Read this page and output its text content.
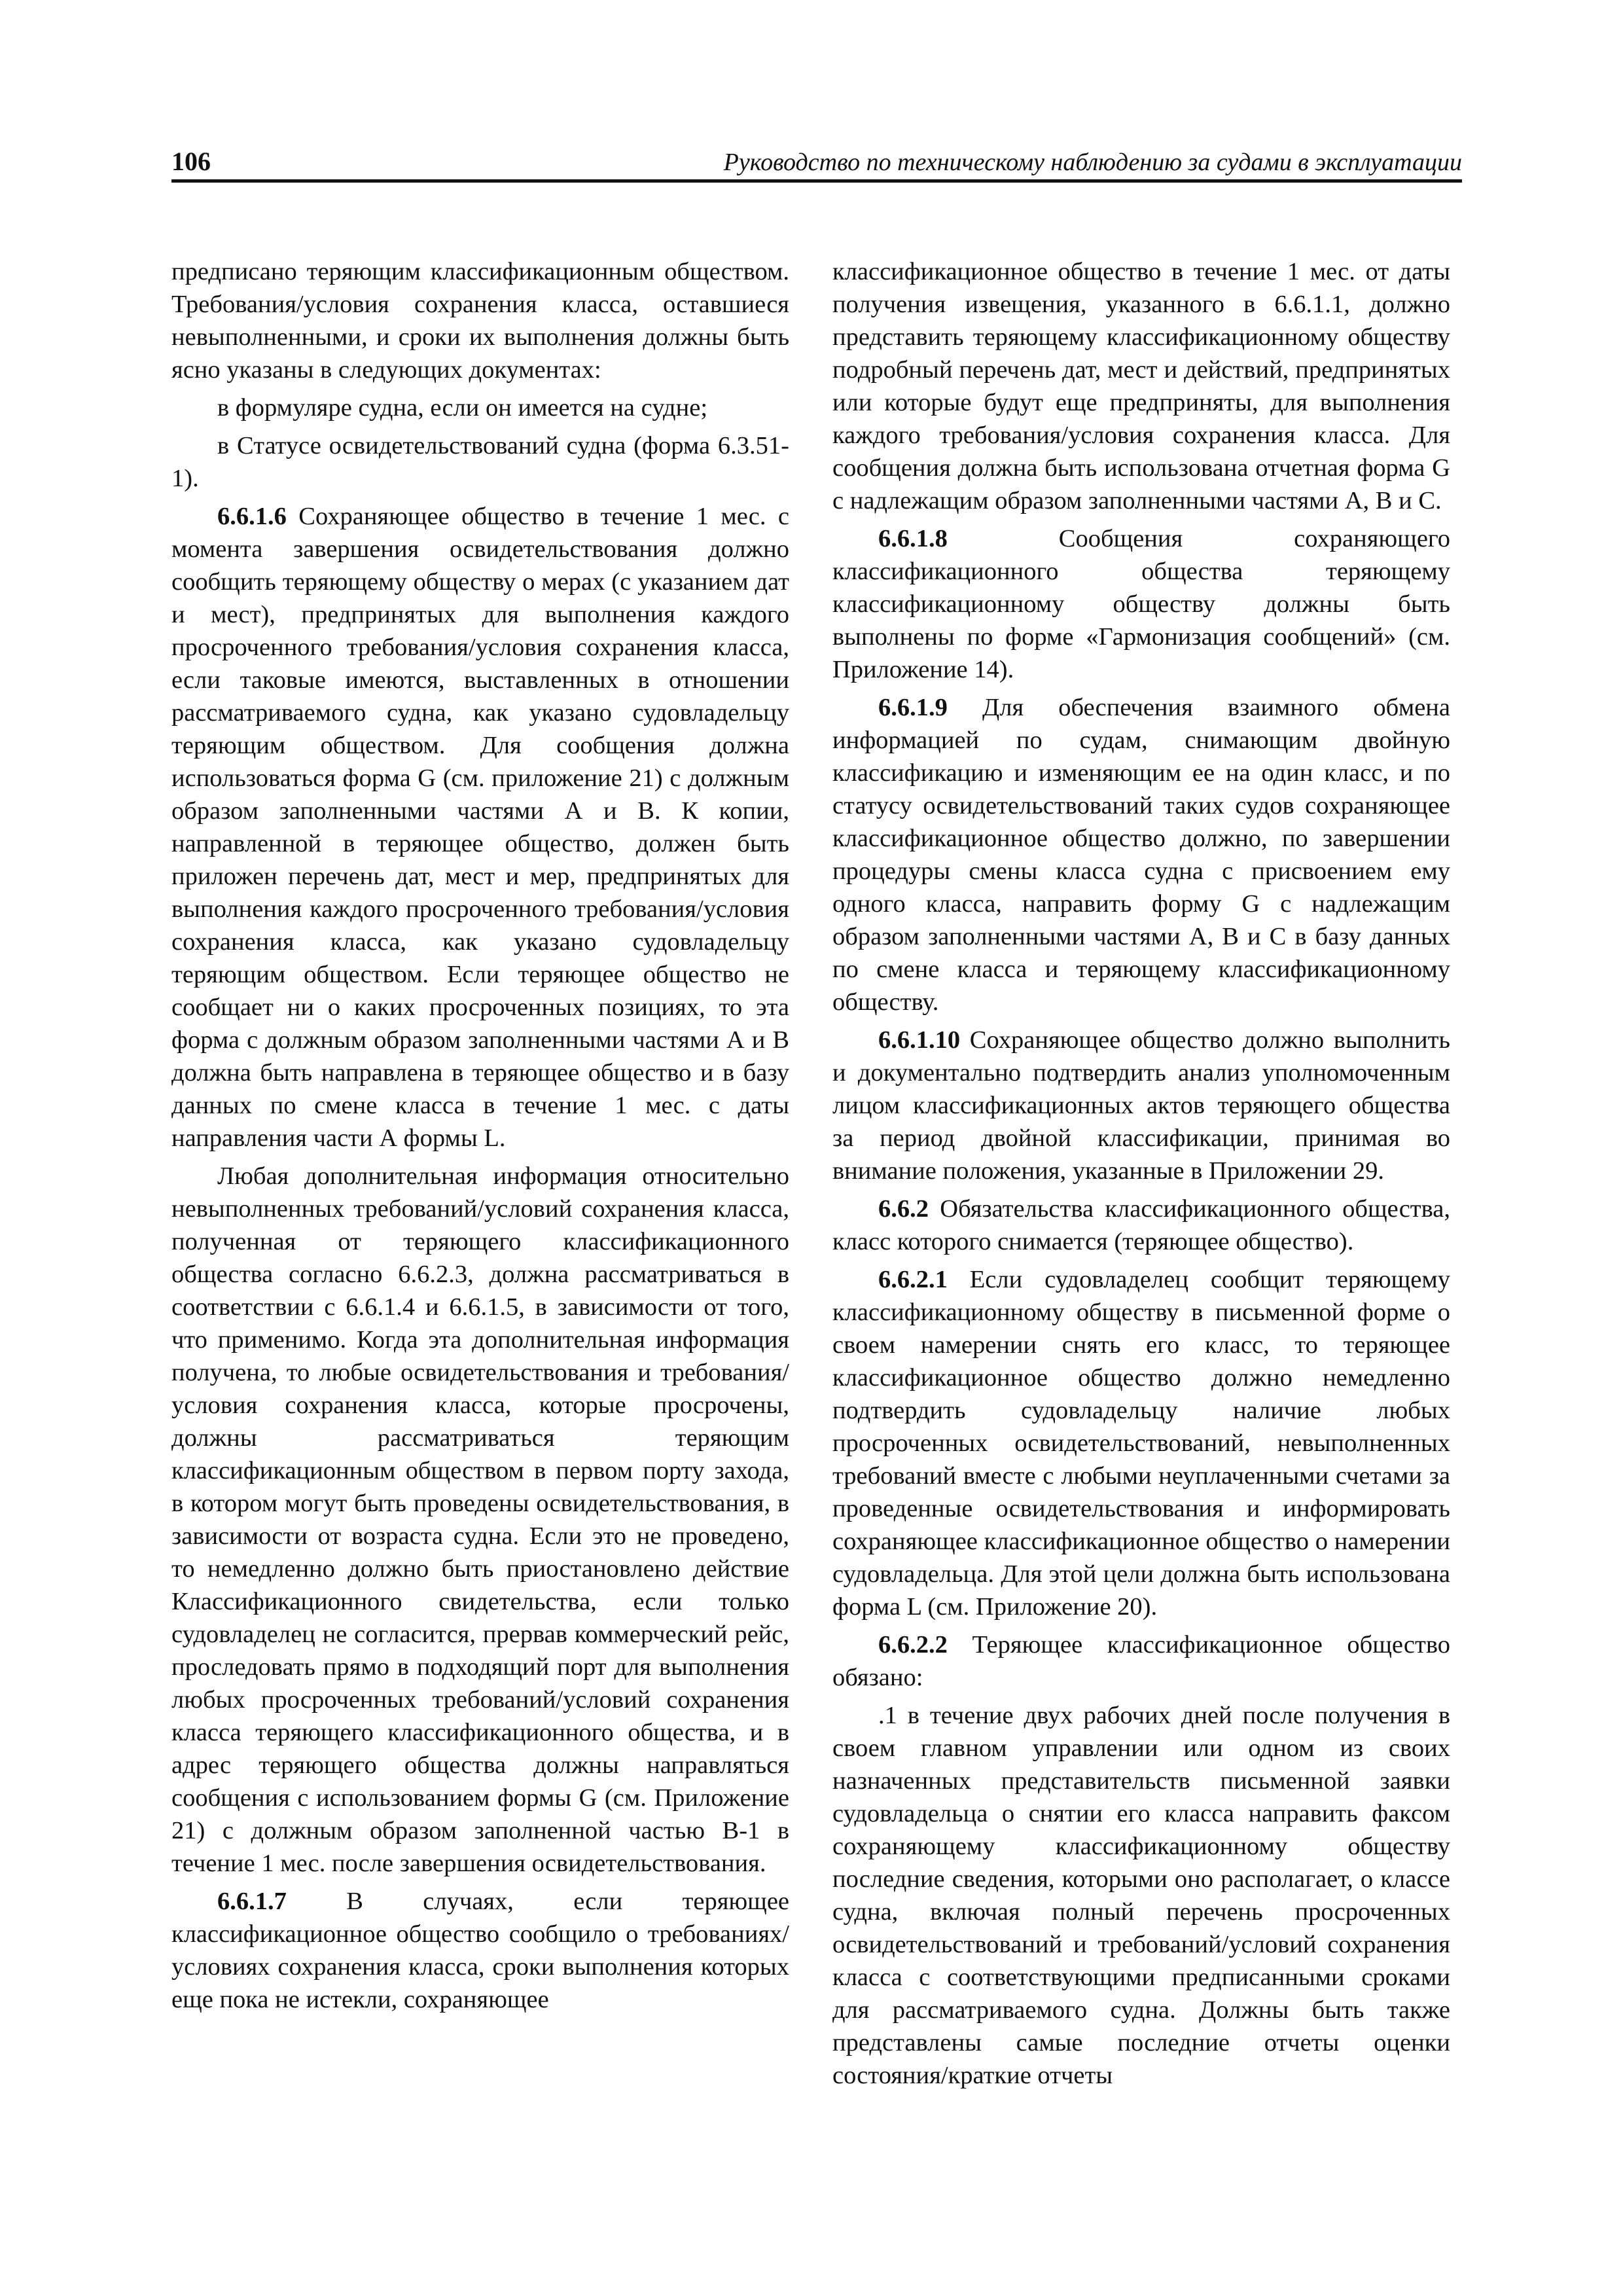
106	Руководство по техническому наблюдению за судами в эксплуатации

предписано теряющим классификационным обществом. Требования/условия сохранения класса, оставшиеся невыполненными, и сроки их выполнения должны быть ясно указаны в следующих документах:

в формуляре судна, если он имеется на судне;

в Статусе освидетельствований судна (форма 6.3.51-1).

6.6.1.6 Сохраняющее общество в течение 1 мес. с момента завершения освидетельствования должно сообщить теряющему обществу о мерах (с указанием дат и мест), предпринятых для выполнения каждого просроченного требования/условия сохранения класса, если таковые имеются, выставленных в отношении рассматриваемого судна, как указано судовладельцу теряющим обществом. Для сообщения должна использоваться форма G (см. приложение 21) с должным образом заполненными частями А и В. К копии, направленной в теряющее общество, должен быть приложен перечень дат, мест и мер, предпринятых для выполнения каждого просроченного требования/условия сохранения класса, как указано судовладельцу теряющим обществом. Если теряющее общество не сообщает ни о каких просроченных позициях, то эта форма с должным образом заполненными частями А и В должна быть направлена в теряющее общество и в базу данных по смене класса в течение 1 мес. с даты направления части А формы L.

Любая дополнительная информация относительно невыполненных требований/условий сохранения класса, полученная от теряющего классификационного общества согласно 6.6.2.3, должна рассматриваться в соответствии с 6.6.1.4 и 6.6.1.5, в зависимости от того, что применимо. Когда эта дополнительная информация получена, то любые освидетельствования и требования/условия сохранения класса, которые просрочены, должны рассматриваться теряющим классификационным обществом в первом порту захода, в котором могут быть проведены освидетельствования, в зависимости от возраста судна. Если это не проведено, то немедленно должно быть приостановлено действие Классификационного свидетельства, если только судовладелец не согласится, прервав коммерческий рейс, проследовать прямо в подходящий порт для выполнения любых просроченных требований/условий сохранения класса теряющего классификационного общества, и в адрес теряющего общества должны направляться сообщения с использованием формы G (см. Приложение 21) с должным образом заполненной частью В-1 в течение 1 мес. после завершения освидетельствования.

6.6.1.7 В случаях, если теряющее классификационное общество сообщило о требованиях/условиях сохранения класса, сроки выполнения которых еще пока не истекли, сохраняющее

классификационное общество в течение 1 мес. от даты получения извещения, указанного в 6.6.1.1, должно представить теряющему классификационному обществу подробный перечень дат, мест и действий, предпринятых или которые будут еще предприняты, для выполнения каждого требования/условия сохранения класса. Для сообщения должна быть использована отчетная форма G с надлежащим образом заполненными частями А, В и С.

6.6.1.8 Сообщения сохраняющего классификационного общества теряющему классификационному обществу должны быть выполнены по форме «Гармонизация сообщений» (см. Приложение 14).

6.6.1.9 Для обеспечения взаимного обмена информацией по судам, снимающим двойную классификацию и изменяющим ее на один класс, и по статусу освидетельствований таких судов сохраняющее классификационное общество должно, по завершении процедуры смены класса судна с присвоением ему одного класса, направить форму G с надлежащим образом заполненными частями А, В и С в базу данных по смене класса и теряющему классификационному обществу.

6.6.1.10 Сохраняющее общество должно выполнить и документально подтвердить анализ уполномоченным лицом классификационных актов теряющего общества за период двойной классификации, принимая во внимание положения, указанные в Приложении 29.

6.6.2 Обязательства классификационного общества, класс которого снимается (теряющее общество).

6.6.2.1 Если судовладелец сообщит теряющему классификационному обществу в письменной форме о своем намерении снять его класс, то теряющее классификационное общество должно немедленно подтвердить судовладельцу наличие любых просроченных освидетельствований, невыполненных требований вместе с любыми неуплаченными счетами за проведенные освидетельствования и информировать сохраняющее классификационное общество о намерении судовладельца. Для этой цели должна быть использована форма L (см. Приложение 20).

6.6.2.2 Теряющее классификационное общество обязано:

.1 в течение двух рабочих дней после получения в своем главном управлении или одном из своих назначенных представительств письменной заявки судовладельца о снятии его класса направить факсом сохраняющему классификационному обществу последние сведения, которыми оно располагает, о классе судна, включая полный перечень просроченных освидетельствований и требований/условий сохранения класса с соответствующими предписанными сроками для рассматриваемого судна. Должны быть также представлены самые последние отчеты оценки состояния/краткие отчеты
